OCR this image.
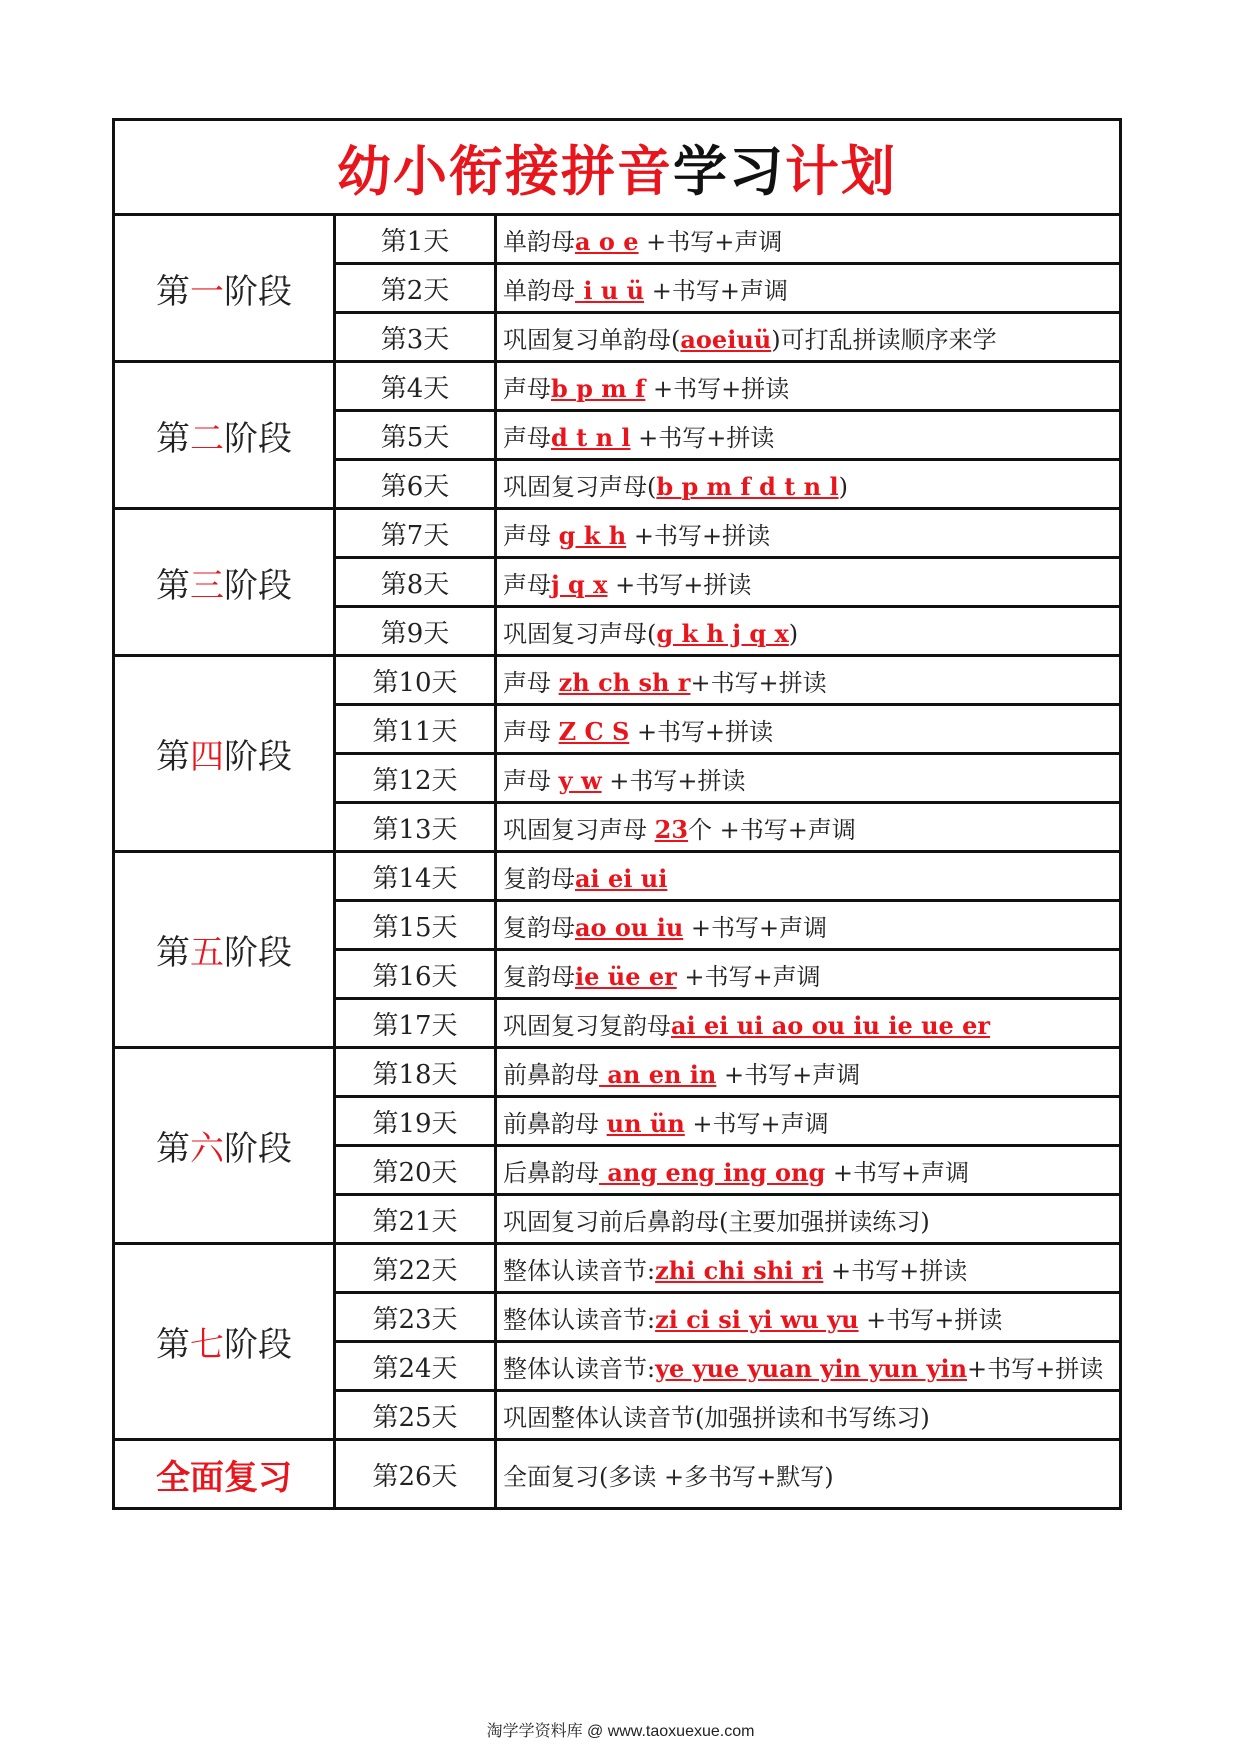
幼小衔接拼音学习计划		
第一阶段	第1天	单韵母a o e +书写+声调
	第2天	单韵母 i u ü +书写+声调
	第3天	巩固复习单韵母(aoeiuü)可打乱拼读顺序来学
第二阶段	第4天	声母b p m f +书写+拼读
	第5天	声母d t n l +书写+拼读
	第6天	巩固复习声母(b p m f d t n l)
第三阶段	第7天	声母 g k h +书写+拼读
	第8天	声母j q x +书写+拼读
	第9天	巩固复习声母(g k h j q x)
第四阶段	第10天	声母 zh ch sh r+书写+拼读
	第11天	声母 Z C S +书写+拼读
	第12天	声母 y w +书写+拼读
	第13天	巩固复习声母 23个 +书写+声调
第五阶段	第14天	复韵母ai ei ui
	第15天	复韵母ao ou iu +书写+声调
	第16天	复韵母ie üe er +书写+声调
	第17天	巩固复习复韵母ai ei ui ao ou iu ie ue er
第六阶段	第18天	前鼻韵母 an en in +书写+声调
	第19天	前鼻韵母 un ün +书写+声调
	第20天	后鼻韵母 ang eng ing ong +书写+声调
	第21天	巩固复习前后鼻韵母(主要加强拼读练习)
第七阶段	第22天	整体认读音节:zhi chi shi ri +书写+拼读
	第23天	整体认读音节:zi ci si yi wu yu +书写+拼读
	第24天	整体认读音节:ye yue yuan yin yun yin+书写+拼读
	第25天	巩固整体认读音节(加强拼读和书写练习)
全面复习	第26天	全面复习(多读 +多书写+默写)
淘学学资料库 @ www.taoxuexue.com
